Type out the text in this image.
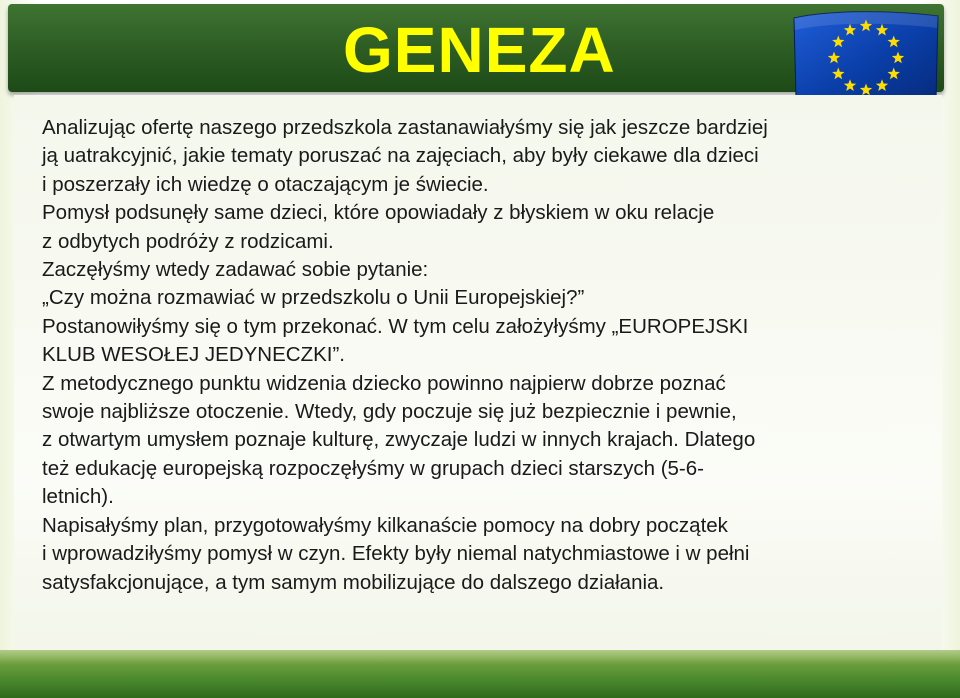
GENEZA
Analizując ofertę naszego przedszkola zastanawiałyśmy się jak jeszcze bardziej
ją uatrakcyjnić, jakie tematy poruszać na zajęciach, aby były ciekawe dla dzieci
i poszerzały ich wiedzę o otaczającym je świecie.
Pomysł podsunęły same dzieci, które opowiadały z błyskiem w oku relacje
z odbytych podróży z rodzicami.
Zaczęłyśmy wtedy zadawać sobie pytanie:
„Czy można rozmawiać w przedszkolu o Unii Europejskiej?”
Postanowiłyśmy się o tym przekonać. W tym celu założyłyśmy „EUROPEJSKI
KLUB WESOŁEJ JEDYNECZKI”.
Z metodycznego punktu widzenia dziecko powinno najpierw dobrze poznać
swoje najbliższe otoczenie. Wtedy, gdy poczuje się już bezpiecznie i pewnie,
z otwartym umysłem poznaje kulturę, zwyczaje ludzi w innych krajach. Dlatego
też edukację europejską rozpoczęłyśmy w grupach dzieci starszych (5-6-
letnich).
Napisałyśmy plan, przygotowałyśmy kilkanaście pomocy na dobry początek
i wprowadziłyśmy pomysł w czyn. Efekty były niemal natychmiastowe i w pełni
satysfakcjonujące, a tym samym mobilizujące do dalszego działania.
